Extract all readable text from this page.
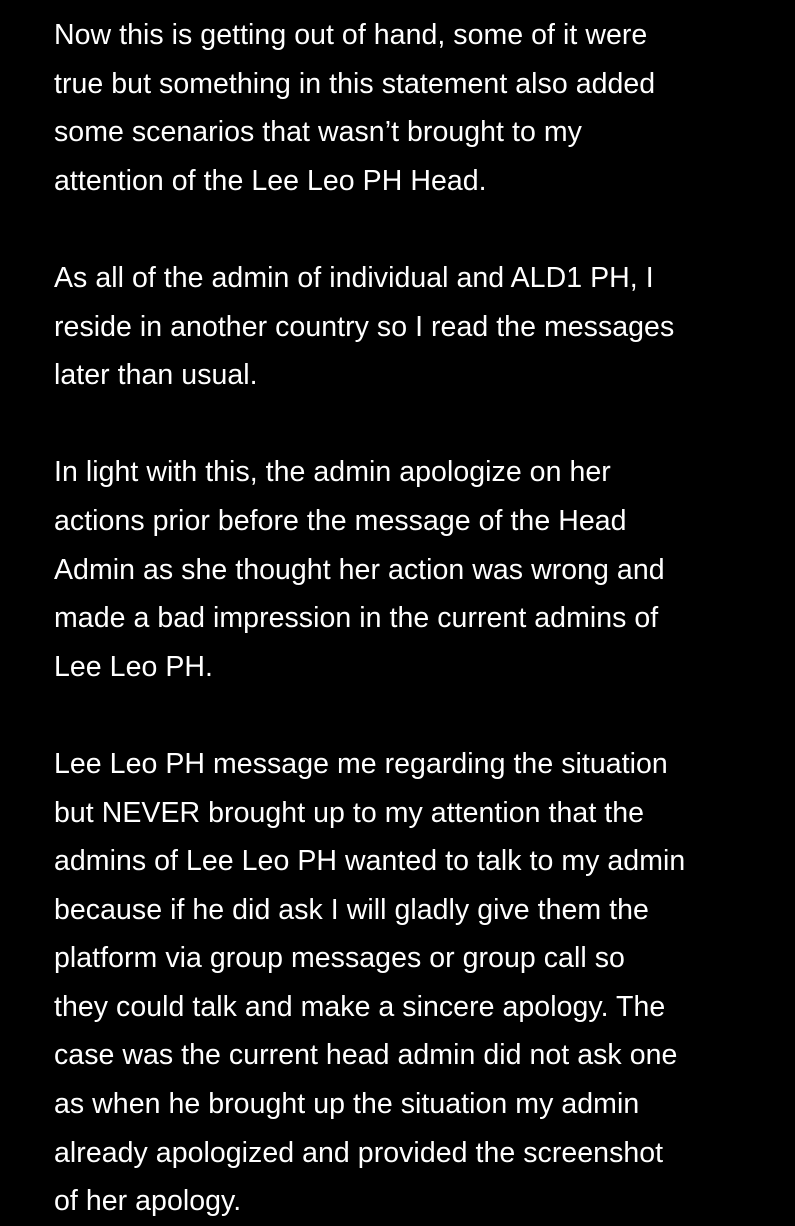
Now this is getting out of hand, some of it were
true but something in this statement also added
some scenarios that wasn’t brought to my
attention of the Lee Leo PH Head.

As all of the admin of individual and ALD1 PH, I
reside in another country so I read the messages
later than usual.

In light with this, the admin apologize on her
actions prior before the message of the Head
Admin as she thought her action was wrong and
made a bad impression in the current admins of
Lee Leo PH.

Lee Leo PH message me regarding the situation
but NEVER brought up to my attention that the
admins of Lee Leo PH wanted to talk to my admin
because if he did ask I will gladly give them the
platform via group messages or group call so
they could talk and make a sincere apology. The
case was the current head admin did not ask one
as when he brought up the situation my admin
already apologized and provided the screenshot
of her apology.
